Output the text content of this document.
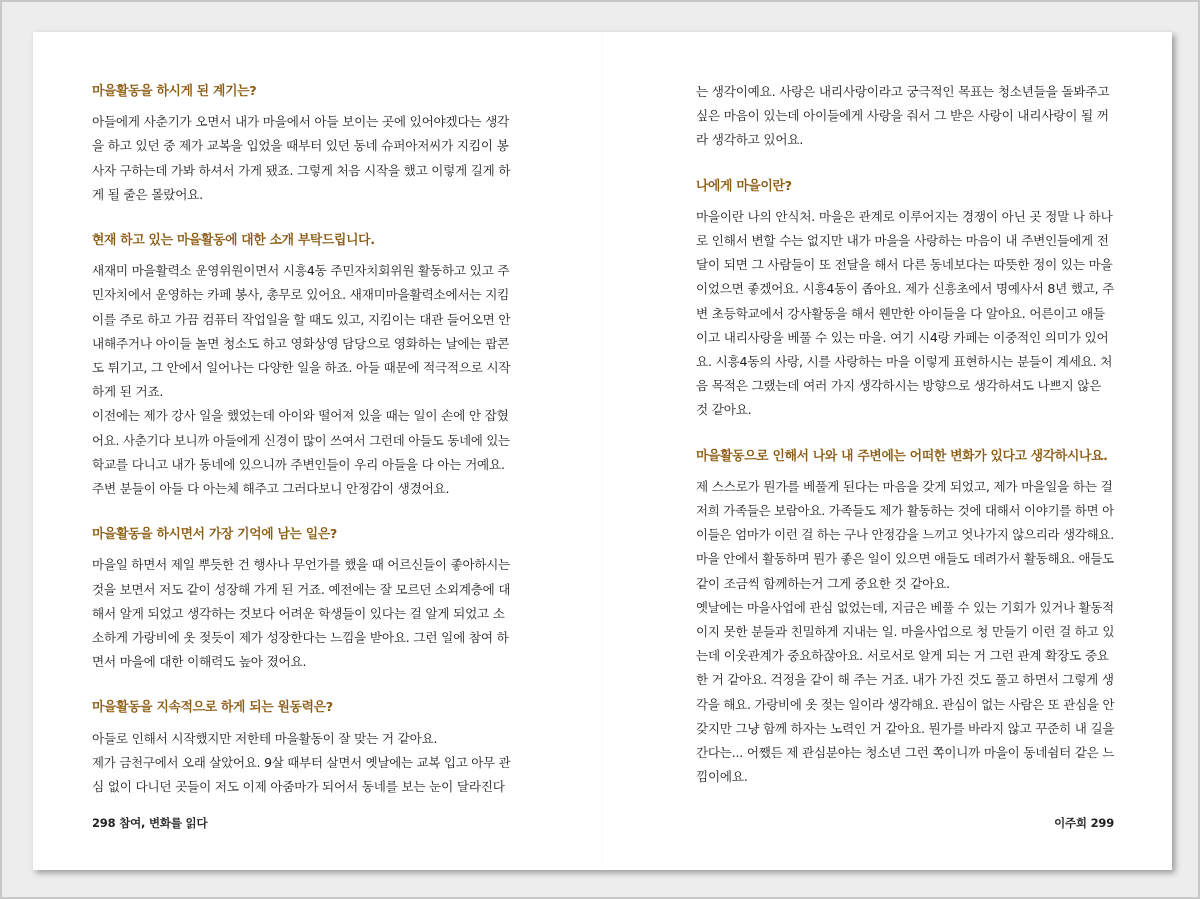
마을활동을 하시게 된 계기는?
아들에게 사춘기가 오면서 내가 마을에서 아들 보이는 곳에 있어야겠다는 생각
을 하고 있던 중 제가 교복을 입었을 때부터 있던 동네 슈퍼아저씨가 지킴이 봉
사자 구하는데 가봐 하셔서 가게 됐죠. 그렇게 처음 시작을 했고 이렇게 길게 하
게 될 줄은 몰랐어요.
현재 하고 있는 마을활동에 대한 소개 부탁드립니다.
새재미 마을활력소 운영위원이면서 시흥4동 주민자치회위원 활동하고 있고 주
민자치에서 운영하는 카페 봉사, 총무로 있어요. 새재미마을활력소에서는 지킴
이를 주로 하고 가끔 컴퓨터 작업일을 할 때도 있고, 지킴이는 대관 들어오면 안
내해주거나 아이들 놀면 청소도 하고 영화상영 담당으로 영화하는 날에는 팝콘
도 튀기고, 그 안에서 일어나는 다양한 일을 하죠. 아들 때문에 적극적으로 시작
하게 된 거죠.
이전에는 제가 강사 일을 했었는데 아이와 떨어져 있을 때는 일이 손에 안 잡혔
어요. 사춘기다 보니까 아들에게 신경이 많이 쓰여서 그런데 아들도 동네에 있는
학교를 다니고 내가 동네에 있으니까 주변인들이 우리 아들을 다 아는 거예요.
주변 분들이 아들 다 아는체 해주고 그러다보니 안정감이 생겼어요.
마을활동을 하시면서 가장 기억에 남는 일은?
마을일 하면서 제일 뿌듯한 건 행사나 무언가를 했을 때 어르신들이 좋아하시는
것을 보면서 저도 같이 성장해 가게 된 거죠. 예전에는 잘 모르던 소외계층에 대
해서 알게 되었고 생각하는 것보다 어려운 학생들이 있다는 걸 알게 되었고 소
소하게 가랑비에 옷 젖듯이 제가 성장한다는 느낌을 받아요. 그런 일에 참여 하
면서 마을에 대한 이해력도 높아 졌어요.
마을활동을 지속적으로 하게 되는 원동력은?
아들로 인해서 시작했지만 저한테 마을활동이 잘 맞는 거 같아요.
제가 금천구에서 오래 살았어요. 9살 때부터 살면서 옛날에는 교복 입고 아무 관
심 없이 다니던 곳들이 저도 이제 아줌마가 되어서 동네를 보는 눈이 달라진다
는 생각이예요. 사랑은 내리사랑이라고 궁극적인 목표는 청소년들을 돌봐주고
싶은 마음이 있는데 아이들에게 사랑을 줘서 그 받은 사랑이 내리사랑이 될 꺼
라 생각하고 있어요.
나에게 마을이란?
마을이란 나의 안식처. 마을은 관계로 이루어지는 경쟁이 아닌 곳 정말 나 하나
로 인해서 변할 수는 없지만 내가 마을을 사랑하는 마음이 내 주변인들에게 전
달이 되면 그 사람들이 또 전달을 해서 다른 동네보다는 따뜻한 정이 있는 마을
이었으면 좋겠어요. 시흥4동이 좁아요. 제가 신흥초에서 명예사서 8년 했고, 주
변 초등학교에서 강사활동을 해서 웬만한 아이들을 다 알아요. 어른이고 애들
이고 내리사랑을 베풀 수 있는 마을. 여기 시4랑 카페는 이중적인 의미가 있어
요. 시흥4동의 사랑, 시를 사랑하는 마을 이렇게 표현하시는 분들이 계세요. 처
음 목적은 그랬는데 여러 가지 생각하시는 방향으로 생각하셔도 나쁘지 않은
것 같아요.
마을활동으로 인해서 나와 내 주변에는 어떠한 변화가 있다고 생각하시나요.
제 스스로가 뭔가를 베풀게 된다는 마음을 갖게 되었고, 제가 마을일을 하는 걸
저희 가족들은 보람아요. 가족들도 제가 활동하는 것에 대해서 이야기를 하면 아
이들은 엄마가 이런 걸 하는 구나 안정감을 느끼고 엇나가지 않으리라 생각해요.
마을 안에서 활동하며 뭔가 좋은 일이 있으면 애들도 데려가서 활동해요. 애들도
같이 조금씩 함께하는거 그게 중요한 것 같아요.
옛날에는 마을사업에 관심 없었는데, 지금은 베풀 수 있는 기회가 있거나 활동적
이지 못한 분들과 친밀하게 지내는 일. 마을사업으로 청 만들기 이런 걸 하고 있
는데 이웃관계가 중요하잖아요. 서로서로 알게 되는 거 그런 관계 확장도 중요
한 거 같아요. 걱정을 같이 해 주는 거죠. 내가 가진 것도 풀고 하면서 그렇게 생
각을 해요. 가랑비에 옷 젖는 일이라 생각해요. 관심이 없는 사람은 또 관심을 안
갖지만 그냥 함께 하자는 노력인 거 같아요. 뭔가를 바라지 않고 꾸준히 내 길을
간다는... 어쨌든 제 관심분야는 청소년 그런 쪽이니까 마을이 동네쉼터 같은 느
낌이에요.
298 참여, 변화를 읽다	이주희 299
